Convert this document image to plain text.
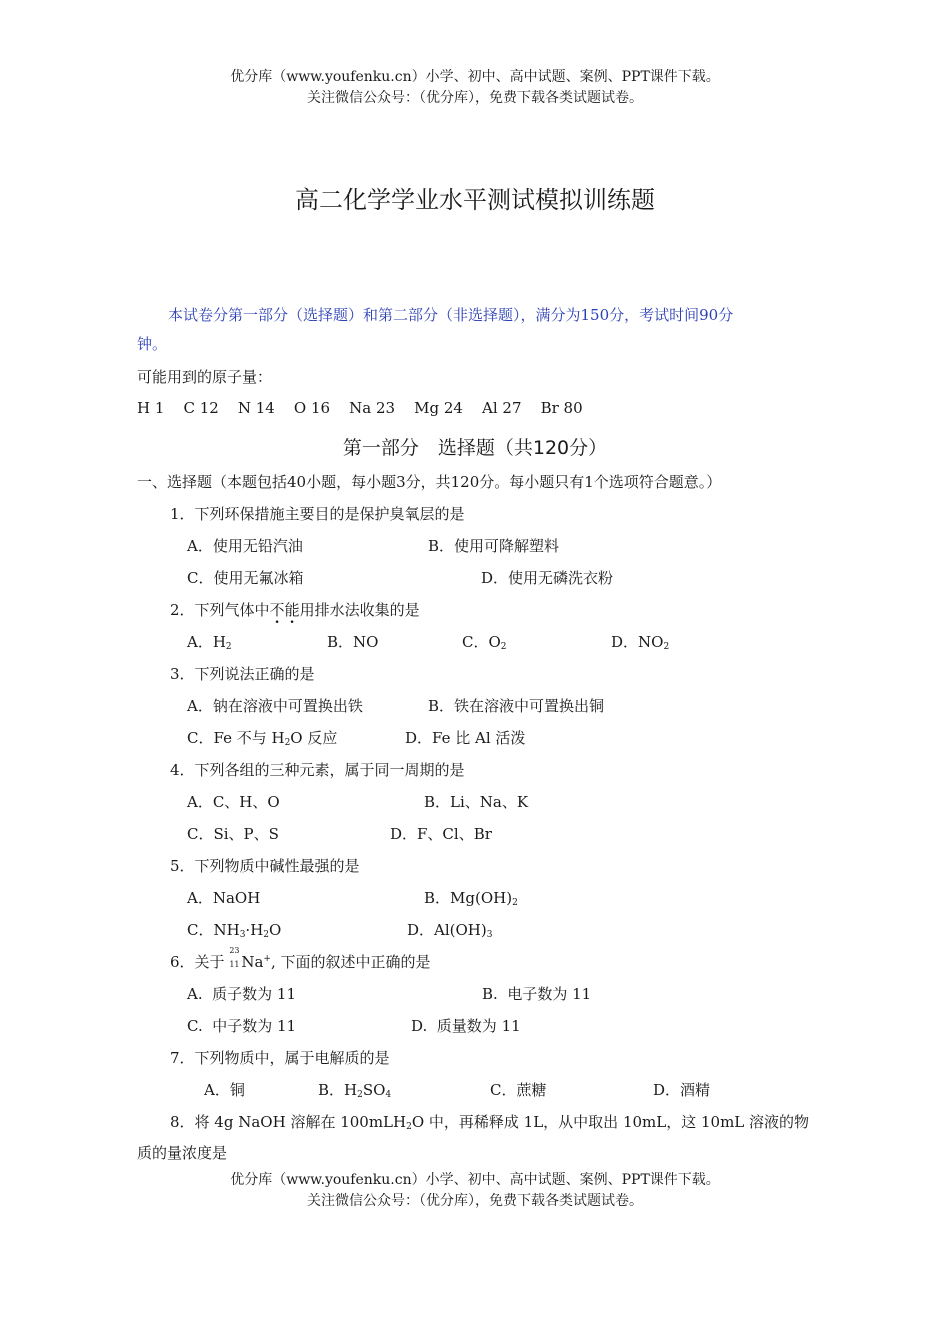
优分库（www.youfenku.cn）小学、初中、高中试题、案例、PPT课件下载。
关注微信公众号：（优分库），免费下载各类试题试卷。
高二化学学业水平测试模拟训练题
本试卷分第一部分（选择题）和第二部分（非选择题），满分为150分，考试时间90分
钟。
可能用到的原子量：
H 1    C 12    N 14    O 16    Na 23    Mg 24    Al 27    Br 80
第一部分　选择题（共120分）
一、选择题（本题包括40小题，每小题3分，共120分。每小题只有1个选项符合题意。）
1．下列环保措施主要目的是保护臭氧层的是
A．使用无铅汽油	B．使用可降解塑料
C．使用无氟冰箱	D．使用无磷洗衣粉
2．下列气体中不能用排水法收集的是
A．$H_2$	B．NO	C．$O_2$	D．$NO_2$
3．下列说法正确的是
A．钠在溶液中可置换出铁	B．铁在溶液中可置换出铜
C．Fe 不与 $H_2O$ 反应	D．Fe 比 Al 活泼
4．下列各组的三种元素，属于同一周期的是
A．C、H、O	B．Li、Na、K
C．Si、P、S	D．F、Cl、Br
5．下列物质中碱性最强的是
A．NaOH	B．$Mg(OH)_2$
C．$NH_3\cdot H_2O$	D．$Al(OH)_3$
6．关于
23
11 Na+, 下面的叙述中正确的是
A.  质子数为 11	B.  电子数为 11
C.  中子数为 11	D.  质量数为 11
7．下列物质中，属于电解质的是
A．铜	B．$H_2SO_4$	C．蔗糖	D．酒精
8．将 4g NaOH 溶解在 100mLH$_2$O 中，再稀释成 1L，从中取出 10mL，这 10mL 溶液的物
质的量浓度是
优分库（www.youfenku.cn）小学、初中、高中试题、案例、PPT课件下载。
关注微信公众号：（优分库），免费下载各类试题试卷。
